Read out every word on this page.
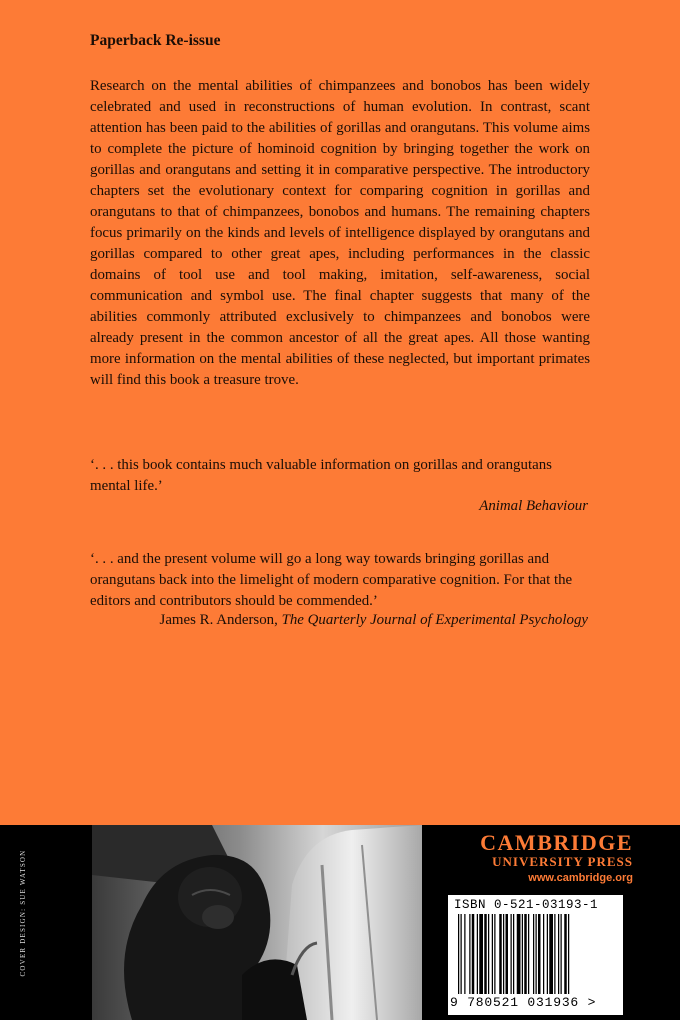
Paperback Re-issue

Research on the mental abilities of chimpanzees and bonobos has been widely celebrated and used in reconstructions of human evolution. In contrast, scant attention has been paid to the abilities of gorillas and orangutans. This volume aims to complete the picture of hominoid cognition by bringing together the work on gorillas and orangutans and setting it in comparative perspective. The introductory chapters set the evolutionary context for comparing cognition in gorillas and orangutans to that of chimpanzees, bonobos and humans. The remaining chapters focus primarily on the kinds and levels of intelligence displayed by orangutans and gorillas compared to other great apes, including performances in the classic domains of tool use and tool making, imitation, self-awareness, social communication and symbol use. The final chapter suggests that many of the abilities commonly attributed exclusively to chimpanzees and bonobos were already present in the common ancestor of all the great apes. All those wanting more information on the mental abilities of these neglected, but important primates will find this book a treasure trove.

‘. . . this book contains much valuable information on gorillas and orangutans mental life.’

Animal Behaviour

‘. . . and the present volume will go a long way towards bringing gorillas and orangutans back into the limelight of modern comparative cognition. For that the editors and contributors should be commended.’

James R. Anderson, The Quarterly Journal of Experimental Psychology
COVER DESIGN: SUE WATSON
CAMBRIDGE
UNIVERSITY PRESS
www.cambridge.org
ISBN 0-521-03193-1
9 780521 031936 >
